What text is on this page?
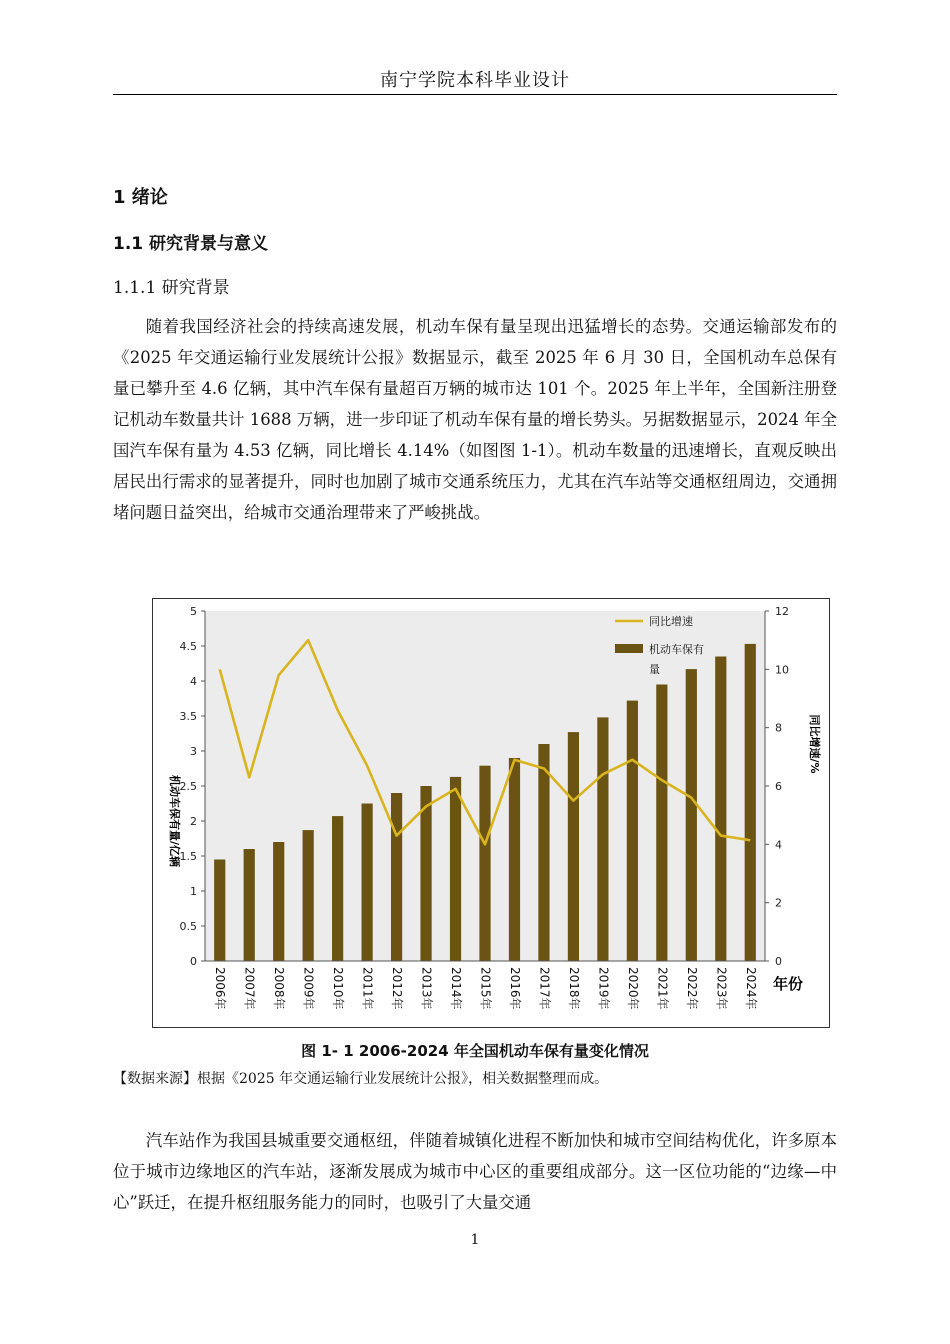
南宁学院本科毕业设计
1 绪论
1.1 研究背景与意义
1.1.1 研究背景

随着我国经济社会的持续高速发展，机动车保有量呈现出迅猛增长的态势。交通运输部发布的《2025 年交通运输行业发展统计公报》数据显示，截至 2025 年 6 月 30 日，全国机动车总保有量已攀升至 4.6 亿辆，其中汽车保有量超百万辆的城市达 101 个。2025 年上半年，全国新注册登记机动车数量共计 1688 万辆，进一步印证了机动车保有量的增长势头。另据数据显示，2024 年全国汽车保有量为 4.53 亿辆，同比增长 4.14%（如图图 1-1）。机动车数量的迅速增长，直观反映出居民出行需求的显著提升，同时也加剧了城市交通系统压力，尤其在汽车站等交通枢纽周边，交通拥堵问题日益突出，给城市交通治理带来了严峻挑战。

0
0.5
1
1.5
2
2.5
3
3.5
4
4.5
5
0
2
4
6
8
10
12
2006年 2007年 2008年 2009年 2010年 2011年 2012年 2013年 2014年 2015年 2016年 2017年 2018年 2019年 2020年 2021年 2022年 2023年 2024年
同比增速
机动车保有
量
机动车保有量/亿辆
同比增速/%
年份
图 1- 1 2006-2024 年全国机动车保有量变化情况
【数据来源】根据《2025 年交通运输行业发展统计公报》，相关数据整理而成。

汽车站作为我国县城重要交通枢纽，伴随着城镇化进程不断加快和城市空间结构优化，许多原本位于城市边缘地区的汽车站，逐渐发展成为城市中心区的重要组成部分。这一区位功能的“边缘—中心”跃迁，在提升枢纽服务能力的同时，也吸引了大量交通

1
